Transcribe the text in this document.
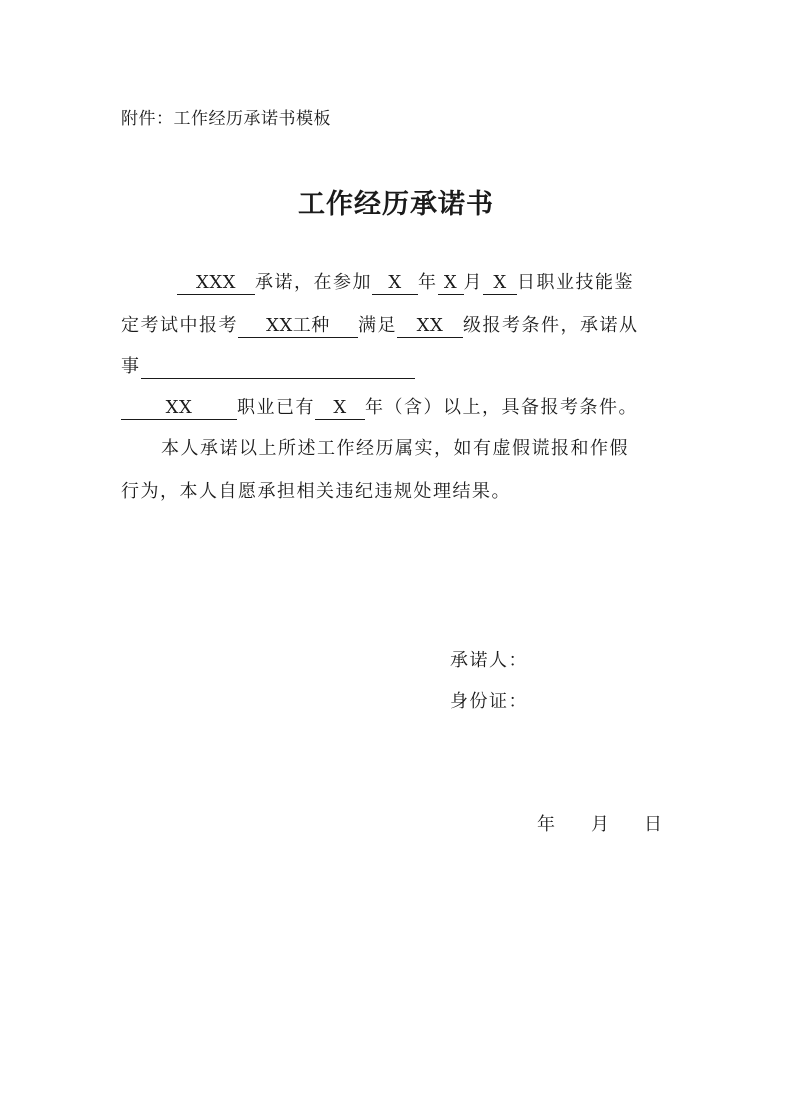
附件：工作经历承诺书模板
工作经历承诺书
XXX 承诺，在参加 X 年 X 月 X 日职业技能鉴
定考试中报考 XX工种 满足 XX 级报考条件，承诺从
事
XX 职业已有 X 年（含）以上，具备报考条件。
本人承诺以上所述工作经历属实，如有虚假谎报和作假
行为，本人自愿承担相关违纪违规处理结果。
承诺人：
身份证：
年 月 日
